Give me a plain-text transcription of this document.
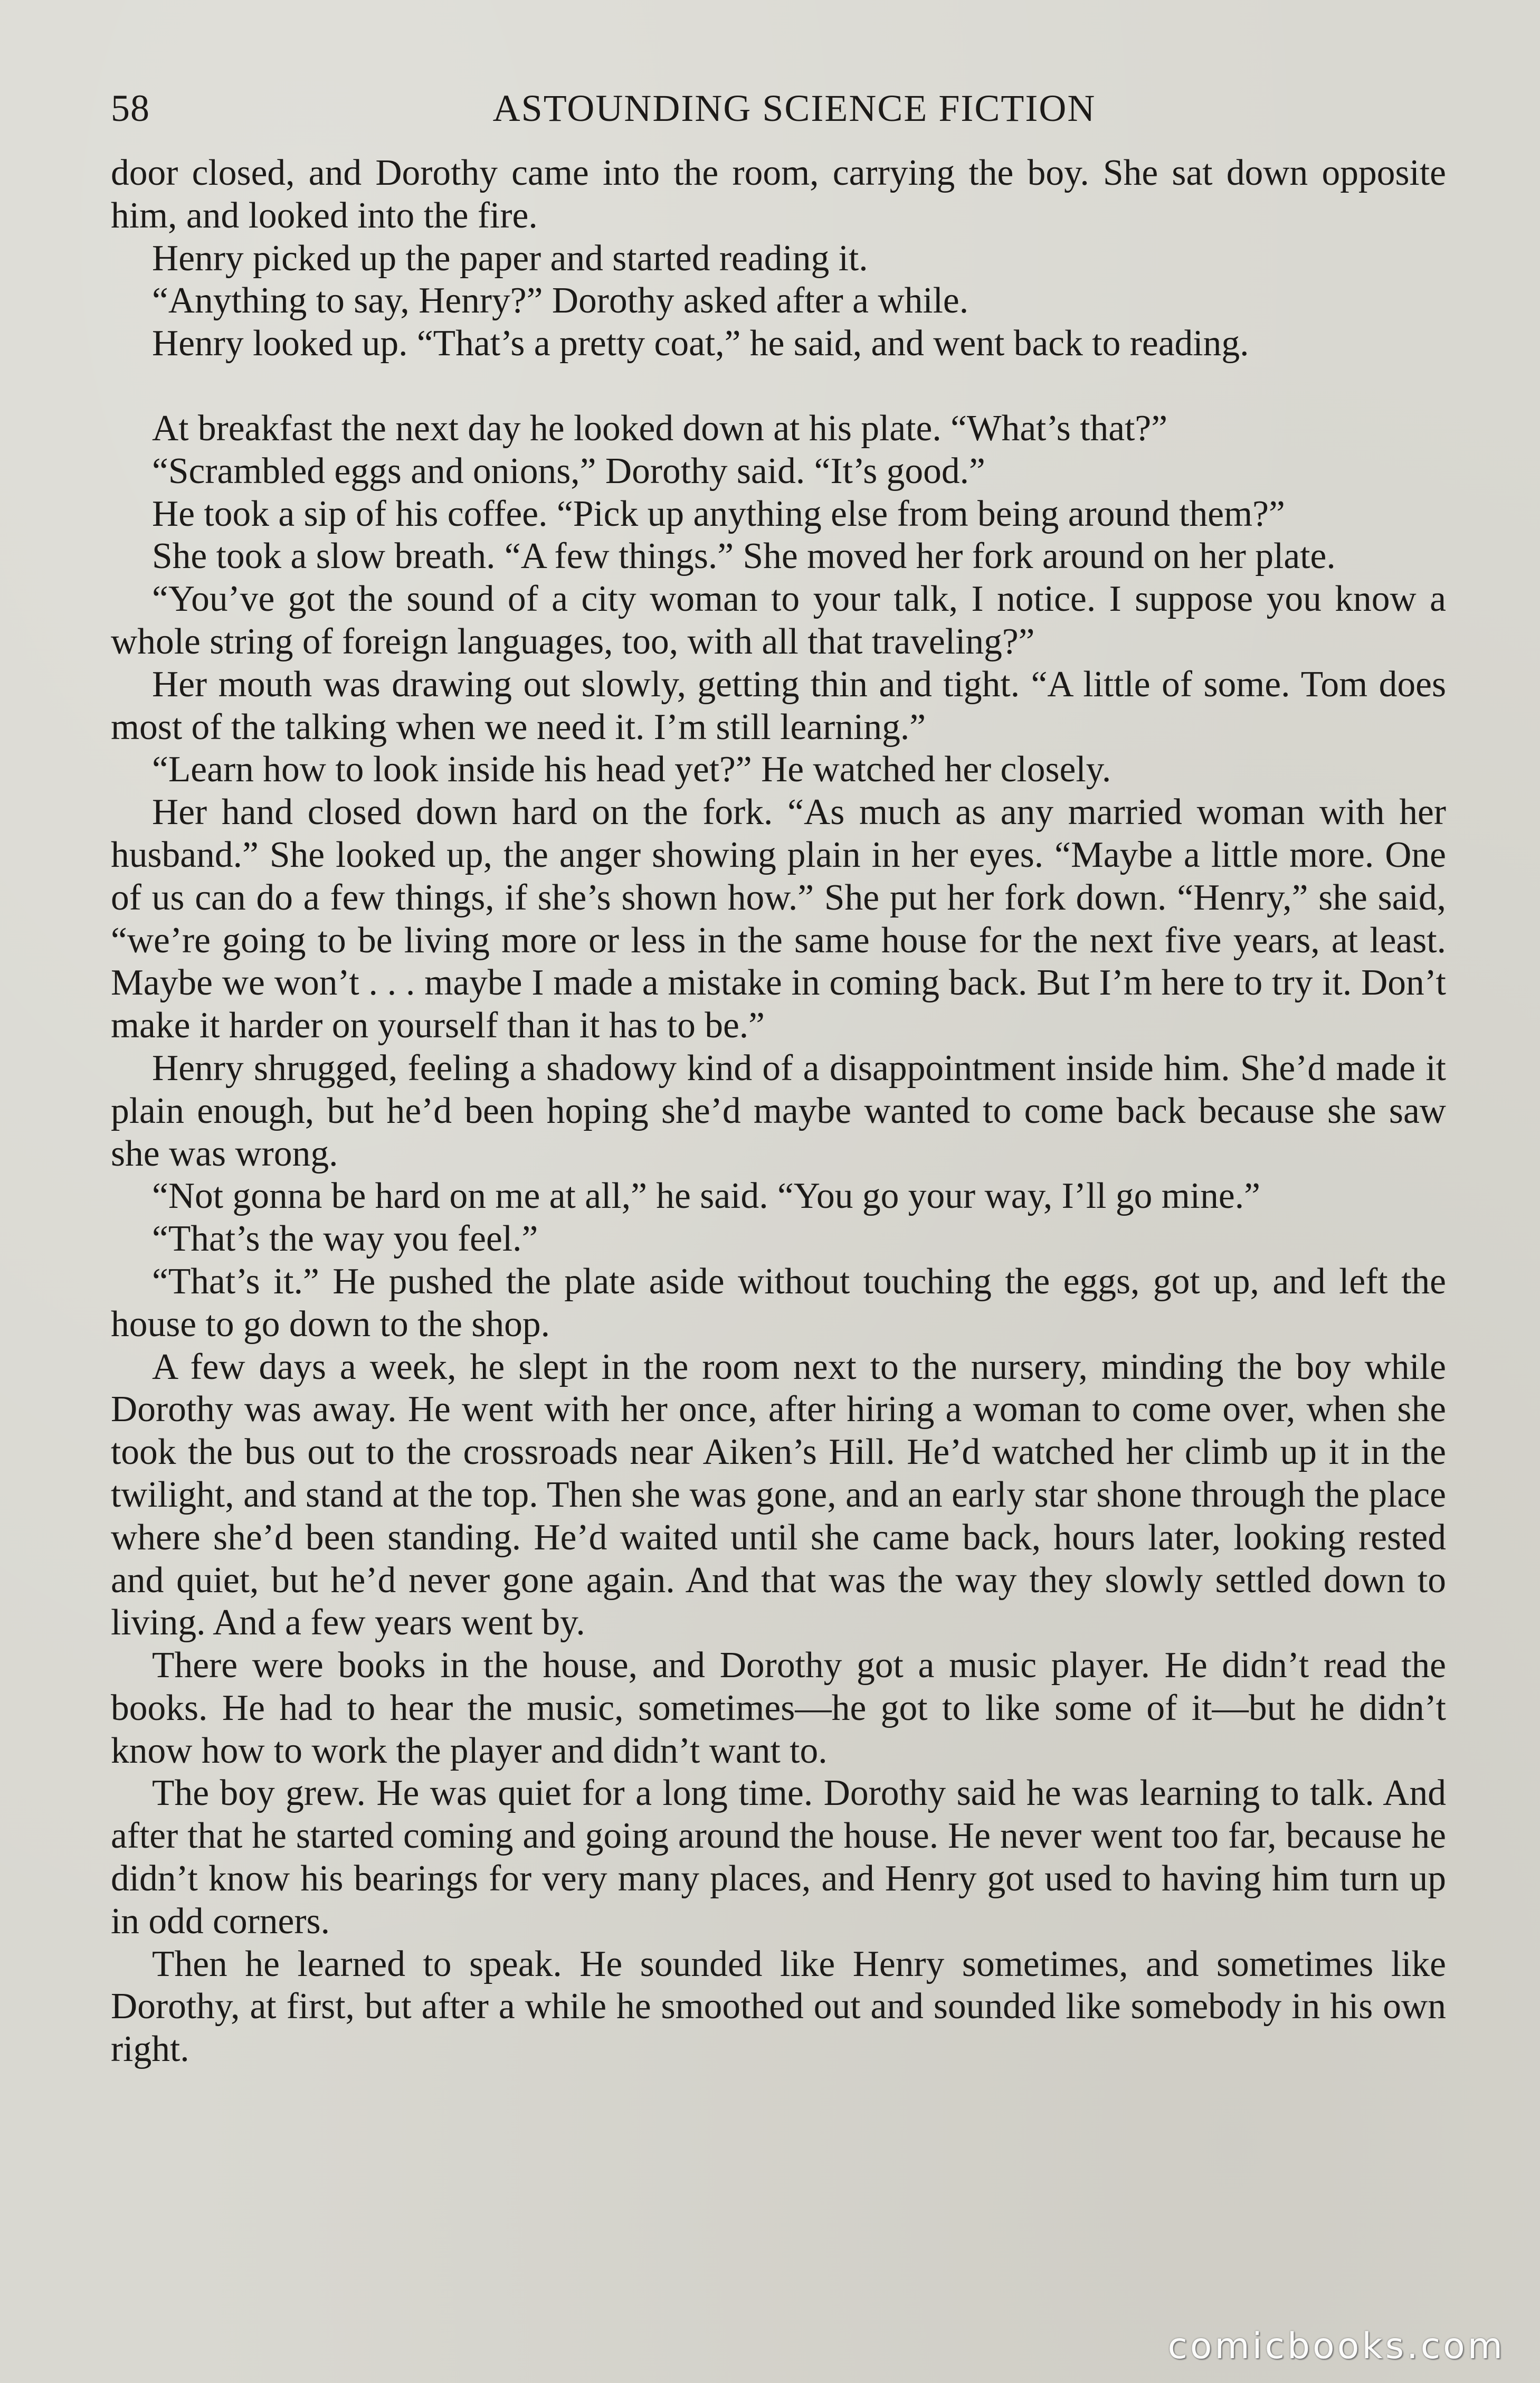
58	ASTOUNDING SCIENCE FICTION

door closed, and Dorothy came into the room, carrying the boy. She sat down opposite him, and looked into the fire.

Henry picked up the paper and started reading it.

“Anything to say, Henry?” Dorothy asked after a while.

Henry looked up. “That’s a pretty coat,” he said, and went back to reading.

At breakfast the next day he looked down at his plate. “What’s that?”

“Scrambled eggs and onions,” Dorothy said. “It’s good.”

He took a sip of his coffee. “Pick up anything else from being around them?”

She took a slow breath. “A few things.” She moved her fork around on her plate.

“You’ve got the sound of a city woman to your talk, I notice. I suppose you know a whole string of foreign languages, too, with all that traveling?”

Her mouth was drawing out slowly, getting thin and tight. “A little of some. Tom does most of the talking when we need it. I’m still learning.”

“Learn how to look inside his head yet?” He watched her closely.

Her hand closed down hard on the fork. “As much as any married woman with her husband.” She looked up, the anger showing plain in her eyes. “Maybe a little more. One of us can do a few things, if she’s shown how.” She put her fork down. “Henry,” she said, “we’re going to be living more or less in the same house for the next five years, at least. Maybe we won’t . . . maybe I made a mistake in coming back. But I’m here to try it. Don’t make it harder on yourself than it has to be.”

Henry shrugged, feeling a shadowy kind of a disappointment inside him. She’d made it plain enough, but he’d been hoping she’d maybe wanted to come back because she saw she was wrong.

“Not gonna be hard on me at all,” he said. “You go your way, I’ll go mine.”

“That’s the way you feel.”

“That’s it.” He pushed the plate aside without touching the eggs, got up, and left the house to go down to the shop.

A few days a week, he slept in the room next to the nursery, minding the boy while Dorothy was away. He went with her once, after hiring a woman to come over, when she took the bus out to the crossroads near Aiken’s Hill. He’d watched her climb up it in the twilight, and stand at the top. Then she was gone, and an early star shone through the place where she’d been standing. He’d waited until she came back, hours later, looking rested and quiet, but he’d never gone again. And that was the way they slowly settled down to living. And a few years went by.

There were books in the house, and Dorothy got a music player. He didn’t read the books. He had to hear the music, sometimes—he got to like some of it—but he didn’t know how to work the player and didn’t want to.

The boy grew. He was quiet for a long time. Dorothy said he was learning to talk. And after that he started coming and going around the house. He never went too far, because he didn’t know his bearings for very many places, and Henry got used to having him turn up in odd corners.

Then he learned to speak. He sounded like Henry sometimes, and sometimes like Dorothy, at first, but after a while he smoothed out and sounded like somebody in his own right.

comicbooks.com
